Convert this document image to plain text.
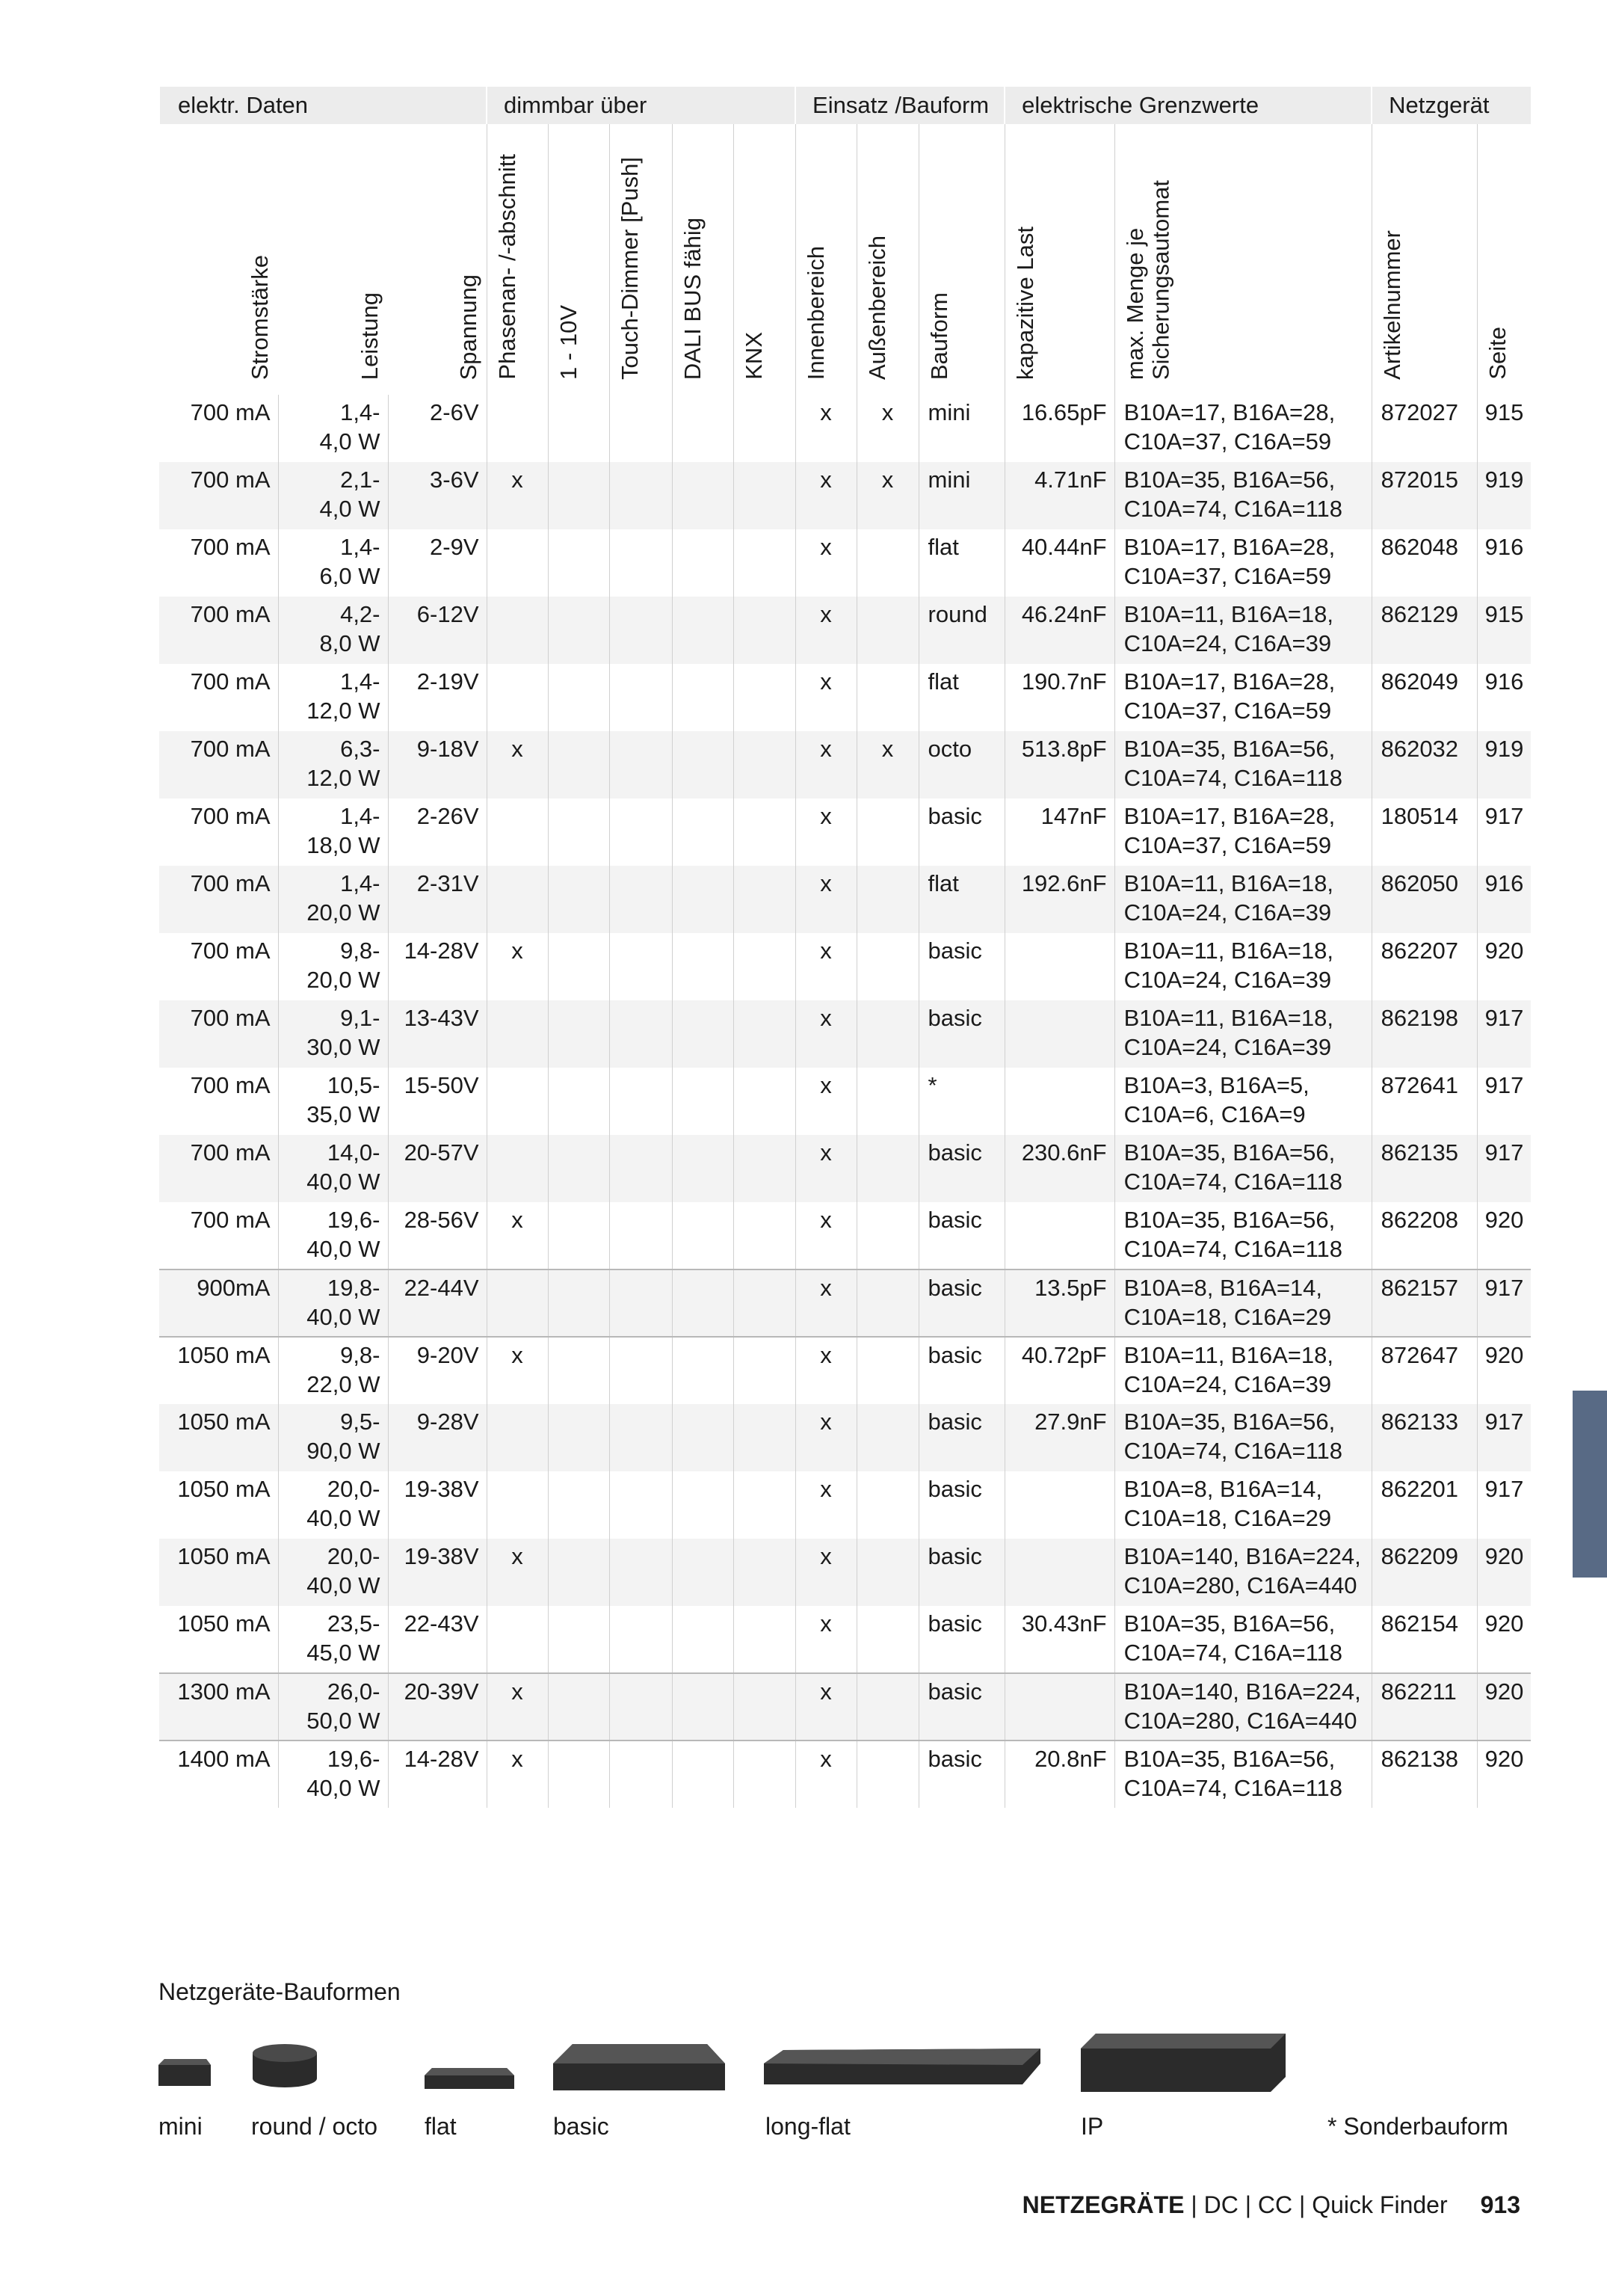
elektr. Daten			dimmbar über					Einsatz /Bauform			elektrische Grenzwerte		Netzgerät	
Stromstärke	Leistung	Spannung	Phasenan- /-abschnitt	1 - 10V	Touch-Dimmer [Push]	DALI BUS fähig	KNX	Innenbereich	Außenbereich	Bauform	kapazitive Last	max. Menge je
Sicherungsautomat	Artikelnummer	Seite
700 mA	1,4-
4,0 W	2-6V						x	x	mini	16.65pF	B10A=17, B16A=28,
C10A=37, C16A=59	872027	915
700 mA	2,1-
4,0 W	3-6V	x					x	x	mini	4.71nF	B10A=35, B16A=56,
C10A=74, C16A=118	872015	919
700 mA	1,4-
6,0 W	2-9V						x		flat	40.44nF	B10A=17, B16A=28,
C10A=37, C16A=59	862048	916
700 mA	4,2-
8,0 W	6-12V						x		round	46.24nF	B10A=11, B16A=18,
C10A=24, C16A=39	862129	915
700 mA	1,4-
12,0 W	2-19V						x		flat	190.7nF	B10A=17, B16A=28,
C10A=37, C16A=59	862049	916
700 mA	6,3-
12,0 W	9-18V	x					x	x	octo	513.8pF	B10A=35, B16A=56,
C10A=74, C16A=118	862032	919
700 mA	1,4-
18,0 W	2-26V						x		basic	147nF	B10A=17, B16A=28,
C10A=37, C16A=59	180514	917
700 mA	1,4-
20,0 W	2-31V						x		flat	192.6nF	B10A=11, B16A=18,
C10A=24, C16A=39	862050	916
700 mA	9,8-
20,0 W	14-28V	x					x		basic		B10A=11, B16A=18,
C10A=24, C16A=39	862207	920
700 mA	9,1-
30,0 W	13-43V						x		basic		B10A=11, B16A=18,
C10A=24, C16A=39	862198	917
700 mA	10,5-
35,0 W	15-50V						x		*		B10A=3, B16A=5,
C10A=6, C16A=9	872641	917
700 mA	14,0-
40,0 W	20-57V						x		basic	230.6nF	B10A=35, B16A=56,
C10A=74, C16A=118	862135	917
700 mA	19,6-
40,0 W	28-56V	x					x		basic		B10A=35, B16A=56,
C10A=74, C16A=118	862208	920
900mA	19,8-
40,0 W	22-44V						x		basic	13.5pF	B10A=8, B16A=14,
C10A=18, C16A=29	862157	917
1050 mA	9,8-
22,0 W	9-20V	x					x		basic	40.72pF	B10A=11, B16A=18,
C10A=24, C16A=39	872647	920
1050 mA	9,5-
90,0 W	9-28V						x		basic	27.9nF	B10A=35, B16A=56,
C10A=74, C16A=118	862133	917
1050 mA	20,0-
40,0 W	19-38V						x		basic		B10A=8, B16A=14,
C10A=18, C16A=29	862201	917
1050 mA	20,0-
40,0 W	19-38V	x					x		basic		B10A=140, B16A=224,
C10A=280, C16A=440	862209	920
1050 mA	23,5-
45,0 W	22-43V						x		basic	30.43nF	B10A=35, B16A=56,
C10A=74, C16A=118	862154	920
1300 mA	26,0-
50,0 W	20-39V	x					x		basic		B10A=140, B16A=224,
C10A=280, C16A=440	862211	920
1400 mA	19,6-
40,0 W	14-28V	x					x		basic	20.8nF	B10A=35, B16A=56,
C10A=74, C16A=118	862138	920
Netzgeräte-Bauformen
mini round / octo flat	basic	long-flat	IP	* Sonderbauform
NETZEGRÄTE | DC | CC | Quick Finder 913
